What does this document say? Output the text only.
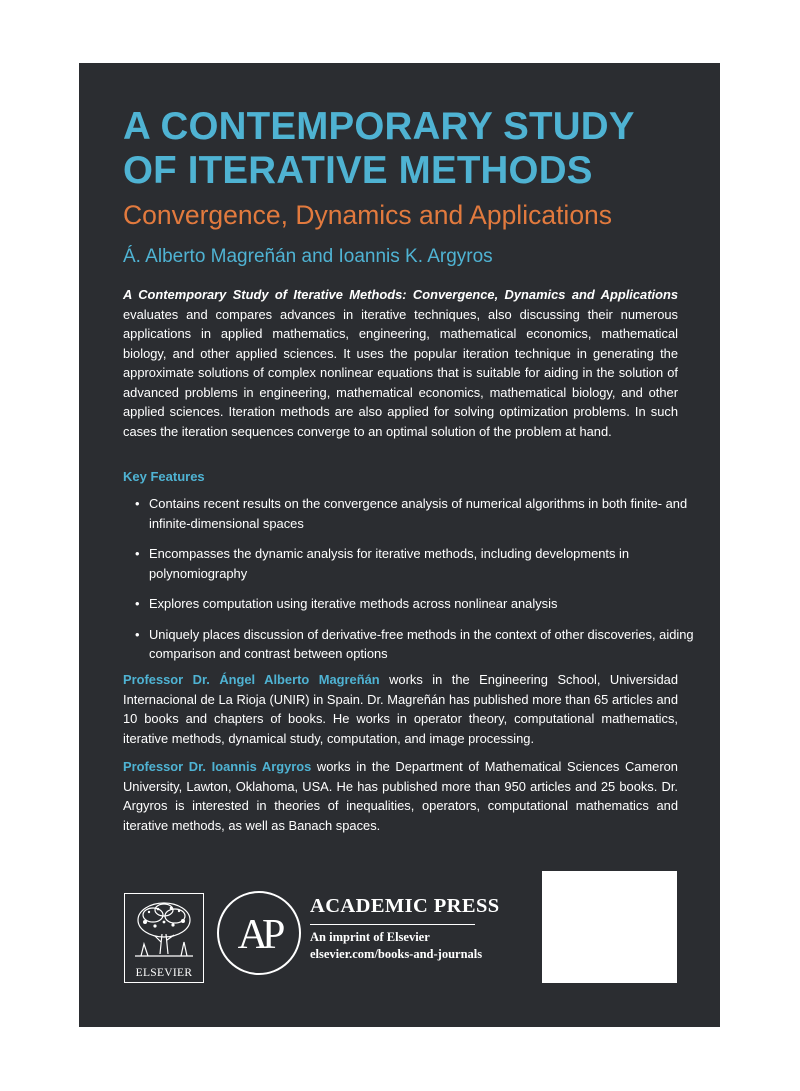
A CONTEMPORARY STUDY
OF ITERATIVE METHODS

Convergence, Dynamics and Applications

Á. Alberto Magreñán and Ioannis K. Argyros

A Contemporary Study of Iterative Methods: Convergence, Dynamics and Applications evaluates and compares advances in iterative techniques, also discussing their numerous applications in applied mathematics, engineering, mathematical economics, mathematical biology, and other applied sciences. It uses the popular iteration technique in generating the approximate solutions of complex nonlinear equations that is suitable for aiding in the solution of advanced problems in engineering, mathematical economics, mathematical biology, and other applied sciences. Iteration methods are also applied for solving optimization problems. In such cases the iteration sequences converge to an optimal solution of the problem at hand.

Key Features

• Contains recent results on the convergence analysis of numerical algorithms in both finite- and infinite-dimensional spaces
• Encompasses the dynamic analysis for iterative methods, including developments in polynomiography
• Explores computation using iterative methods across nonlinear analysis
• Uniquely places discussion of derivative-free methods in the context of other discoveries, aiding comparison and contrast between options

Professor Dr. Ángel Alberto Magreñán works in the Engineering School, Universidad Internacional de La Rioja (UNIR) in Spain. Dr. Magreñán has published more than 65 articles and 10 books and chapters of books. He works in operator theory, computational mathematics, iterative methods, dynamical study, computation, and image processing.

Professor Dr. Ioannis Argyros works in the Department of Mathematical Sciences Cameron University, Lawton, Oklahoma, USA. He has published more than 950 articles and 25 books. Dr. Argyros is interested in theories of inequalities, operators, computational mathematics and iterative methods, as well as Banach spaces.

ELSEVIER
AP

ACADEMIC PRESS

An imprint of Elsevier

elsevier.com/books-and-journals
